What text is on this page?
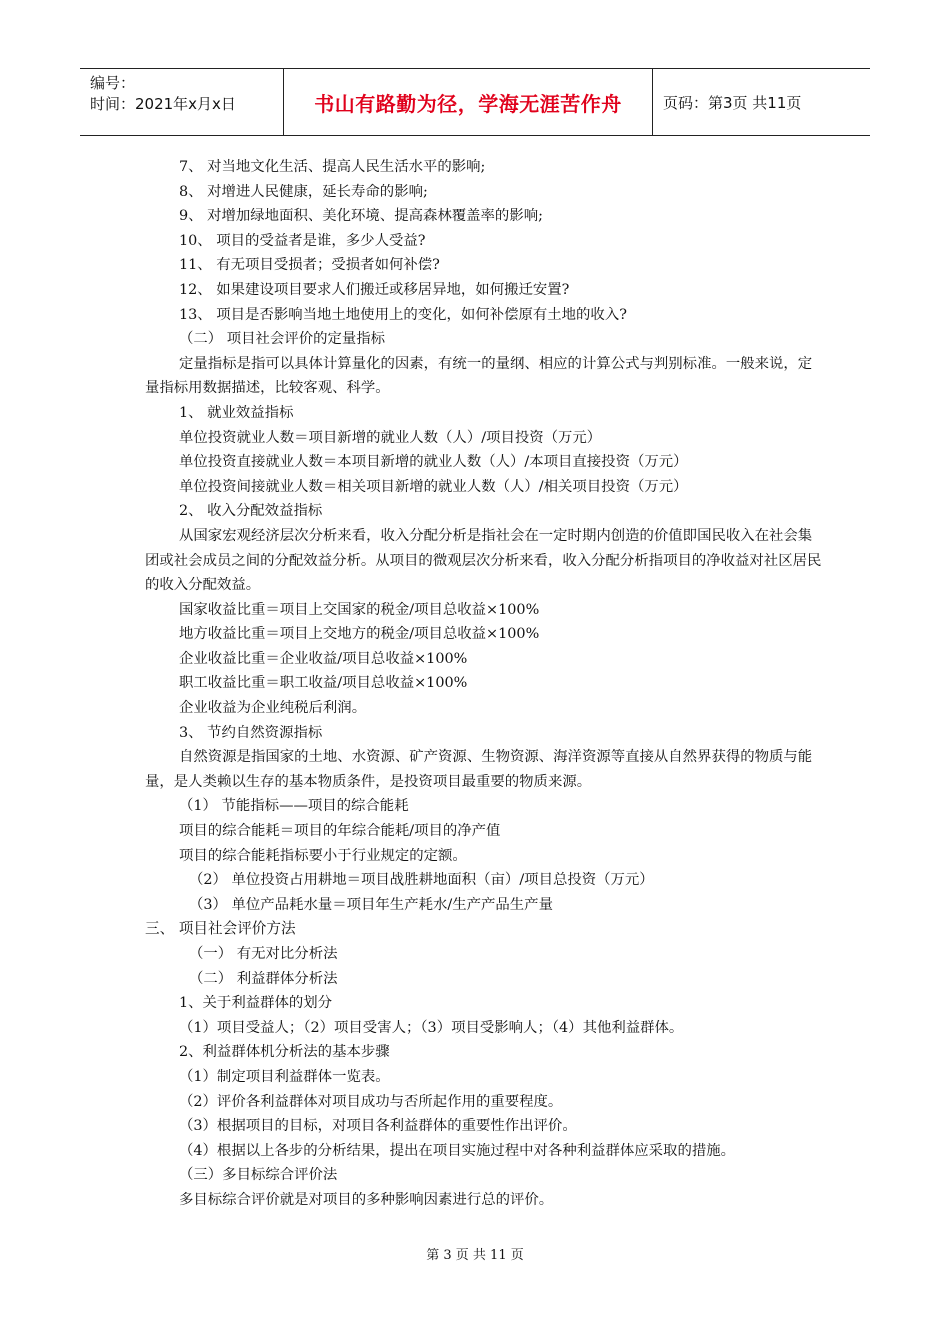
编号：
时间：2021年x月x日	书山有路勤为径，学海无涯苦作舟	页码：第3页 共11页
7、 对当地文化生活、提高人民生活水平的影响;
8、 对增进人民健康，延长寿命的影响;
9、 对增加绿地面积、美化环境、提高森林覆盖率的影响;
10、 项目的受益者是谁，多少人受益?
11、 有无项目受损者；受损者如何补偿?
12、 如果建设项目要求人们搬迁或移居异地，如何搬迁安置?
13、 项目是否影响当地土地使用上的变化，如何补偿原有土地的收入?
（二） 项目社会评价的定量指标
定量指标是指可以具体计算量化的因素，有统一的量纲、相应的计算公式与判别标准。一般来说，定量指标用数据描述，比较客观、科学。
1、 就业效益指标
单位投资就业人数＝项目新增的就业人数（人）/项目投资（万元）
单位投资直接就业人数＝本项目新增的就业人数（人）/本项目直接投资（万元）
单位投资间接就业人数＝相关项目新增的就业人数（人）/相关项目投资（万元）
2、 收入分配效益指标
从国家宏观经济层次分析来看，收入分配分析是指社会在一定时期内创造的价值即国民收入在社会集团或社会成员之间的分配效益分析。从项目的微观层次分析来看，收入分配分析指项目的净收益对社区居民的收入分配效益。
国家收益比重＝项目上交国家的税金/项目总收益×100%
地方收益比重＝项目上交地方的税金/项目总收益×100%
企业收益比重＝企业收益/项目总收益×100%
职工收益比重＝职工收益/项目总收益×100%
企业收益为企业纯税后利润。
3、 节约自然资源指标
自然资源是指国家的土地、水资源、矿产资源、生物资源、海洋资源等直接从自然界获得的物质与能量，是人类赖以生存的基本物质条件，是投资项目最重要的物质来源。
（1） 节能指标——项目的综合能耗
项目的综合能耗＝项目的年综合能耗/项目的净产值
项目的综合能耗指标要小于行业规定的定额。
（2） 单位投资占用耕地＝项目战胜耕地面积（亩）/项目总投资（万元）
（3） 单位产品耗水量＝项目年生产耗水/生产产品生产量
三、 项目社会评价方法
（一） 有无对比分析法
（二） 利益群体分析法
1、关于利益群体的划分
（1）项目受益人；（2）项目受害人；（3）项目受影响人；（4）其他利益群体。
2、利益群体机分析法的基本步骤
（1）制定项目利益群体一览表。
（2）评价各利益群体对项目成功与否所起作用的重要程度。
（3）根据项目的目标，对项目各利益群体的重要性作出评价。
（4）根据以上各步的分析结果，提出在项目实施过程中对各种利益群体应采取的措施。
（三）多目标综合评价法
多目标综合评价就是对项目的多种影响因素进行总的评价。
第 3 页 共 11 页
